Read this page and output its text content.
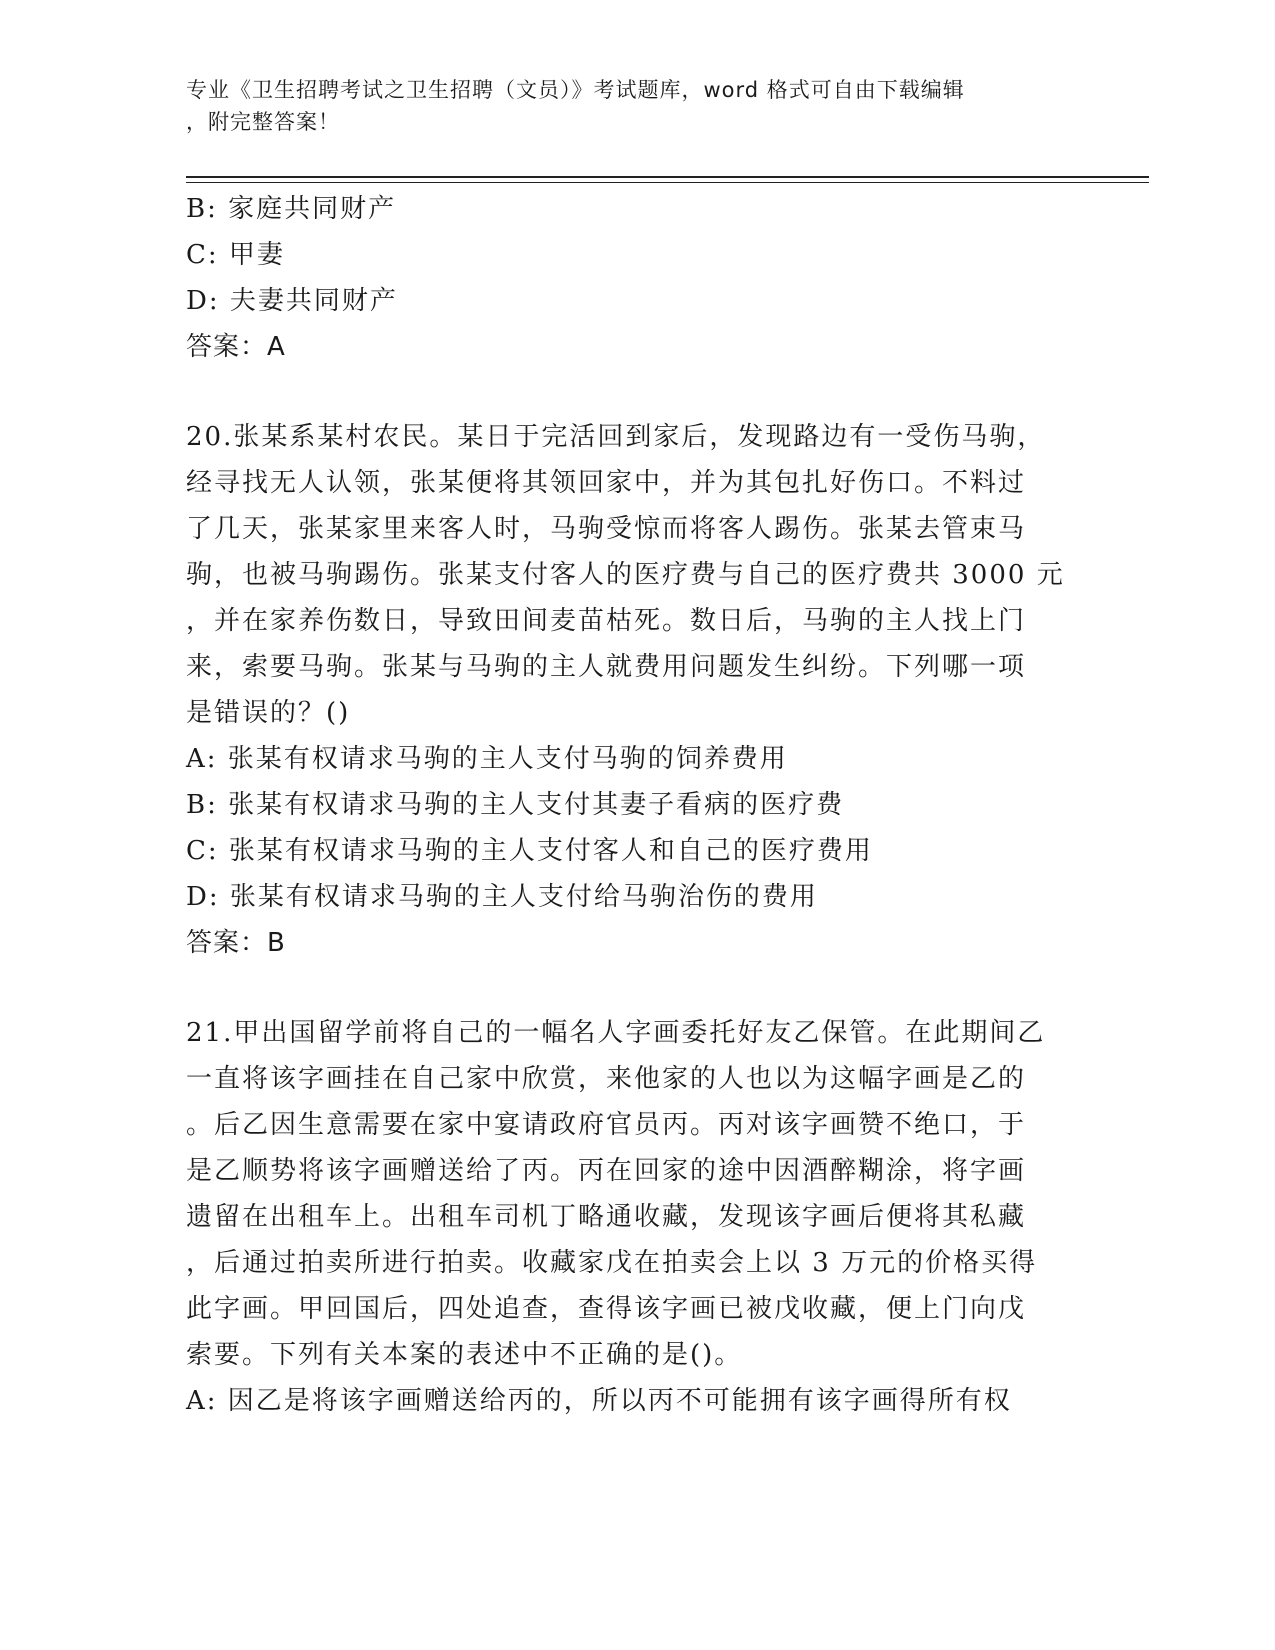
专业《卫生招聘考试之卫生招聘（文员）》考试题库，word 格式可自由下载编辑
，附完整答案！
B: 家庭共同财产
C: 甲妻
D: 夫妻共同财产
答案：A
20.张某系某村农民。某日于完活回到家后，发现路边有一受伤马驹，
经寻找无人认领，张某便将其领回家中，并为其包扎好伤口。不料过
了几天，张某家里来客人时，马驹受惊而将客人踢伤。张某去管束马
驹，也被马驹踢伤。张某支付客人的医疗费与自己的医疗费共 3000 元
，并在家养伤数日，导致田间麦苗枯死。数日后，马驹的主人找上门
来，索要马驹。张某与马驹的主人就费用问题发生纠纷。下列哪一项
是错误的？()
A: 张某有权请求马驹的主人支付马驹的饲养费用
B: 张某有权请求马驹的主人支付其妻子看病的医疗费
C: 张某有权请求马驹的主人支付客人和自己的医疗费用
D: 张某有权请求马驹的主人支付给马驹治伤的费用
答案：B
21.甲出国留学前将自己的一幅名人字画委托好友乙保管。在此期间乙
一直将该字画挂在自己家中欣赏，来他家的人也以为这幅字画是乙的
。后乙因生意需要在家中宴请政府官员丙。丙对该字画赞不绝口，于
是乙顺势将该字画赠送给了丙。丙在回家的途中因酒醉糊涂，将字画
遗留在出租车上。出租车司机丁略通收藏，发现该字画后便将其私藏
，后通过拍卖所进行拍卖。收藏家戊在拍卖会上以 3 万元的价格买得
此字画。甲回国后，四处追查，查得该字画已被戊收藏，便上门向戊
索要。下列有关本案的表述中不正确的是()。
A: 因乙是将该字画赠送给丙的，所以丙不可能拥有该字画得所有权
